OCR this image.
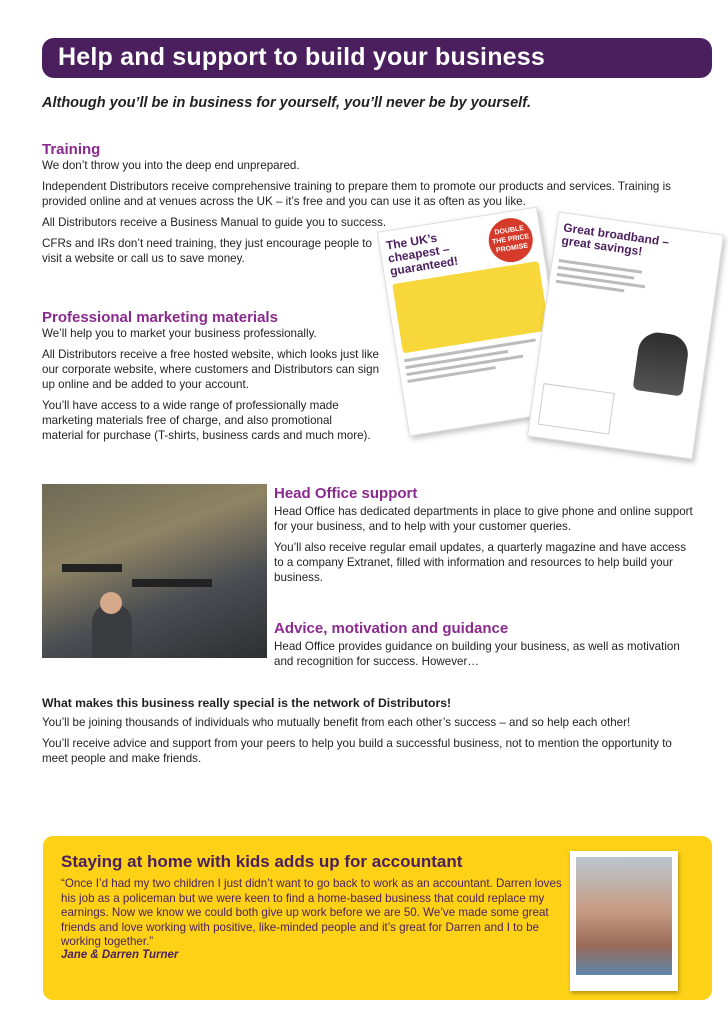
Help and support to build your business
Although you’ll be in business for yourself, you’ll never be by yourself.
Training

We don’t throw you into the deep end unprepared.

Independent Distributors receive comprehensive training to prepare them to promote our products and services. Training is provided online and at venues across the UK – it’s free and you can use it as often as you like.

All Distributors receive a Business Manual to guide you to success.

CFRs and IRs don’t need training, they just encourage people to visit a website or call us to save money.

Professional marketing materials

We’ll help you to market your business professionally.

All Distributors receive a free hosted website, which looks just like our corporate website, where customers and Distributors can sign up online and be added to your account.

You’ll have access to a wide range of professionally made marketing materials free of charge, and also promotional material for purchase (T-shirts, business cards and much more).

The UK’s cheapest – guaranteed!
DOUBLE THE PRICE PROMISE	Great broadband – great savings!
Head Office support

Head Office has dedicated departments in place to give phone and online support for your business, and to help with your customer queries.

You’ll also receive regular email updates, a quarterly magazine and have access to a company Extranet, filled with information and resources to help build your business.

Advice, motivation and guidance

Head Office provides guidance on building your business, as well as motivation and recognition for success. However…

What makes this business really special is the network of Distributors!

You’ll be joining thousands of individuals who mutually benefit from each other’s success – and so help each other!

You’ll receive advice and support from your peers to help you build a successful business, not to mention the opportunity to meet people and make friends.

Staying at home with kids adds up for accountant

“Once I’d had my two children I just didn’t want to go back to work as an accountant. Darren loves his job as a policeman but we were keen to find a home-based business that could replace my earnings. Now we know we could both give up work before we are 50. We’ve made some great friends and love working with positive, like-minded people and it’s great for Darren and I to be working together.”

Jane & Darren Turner
